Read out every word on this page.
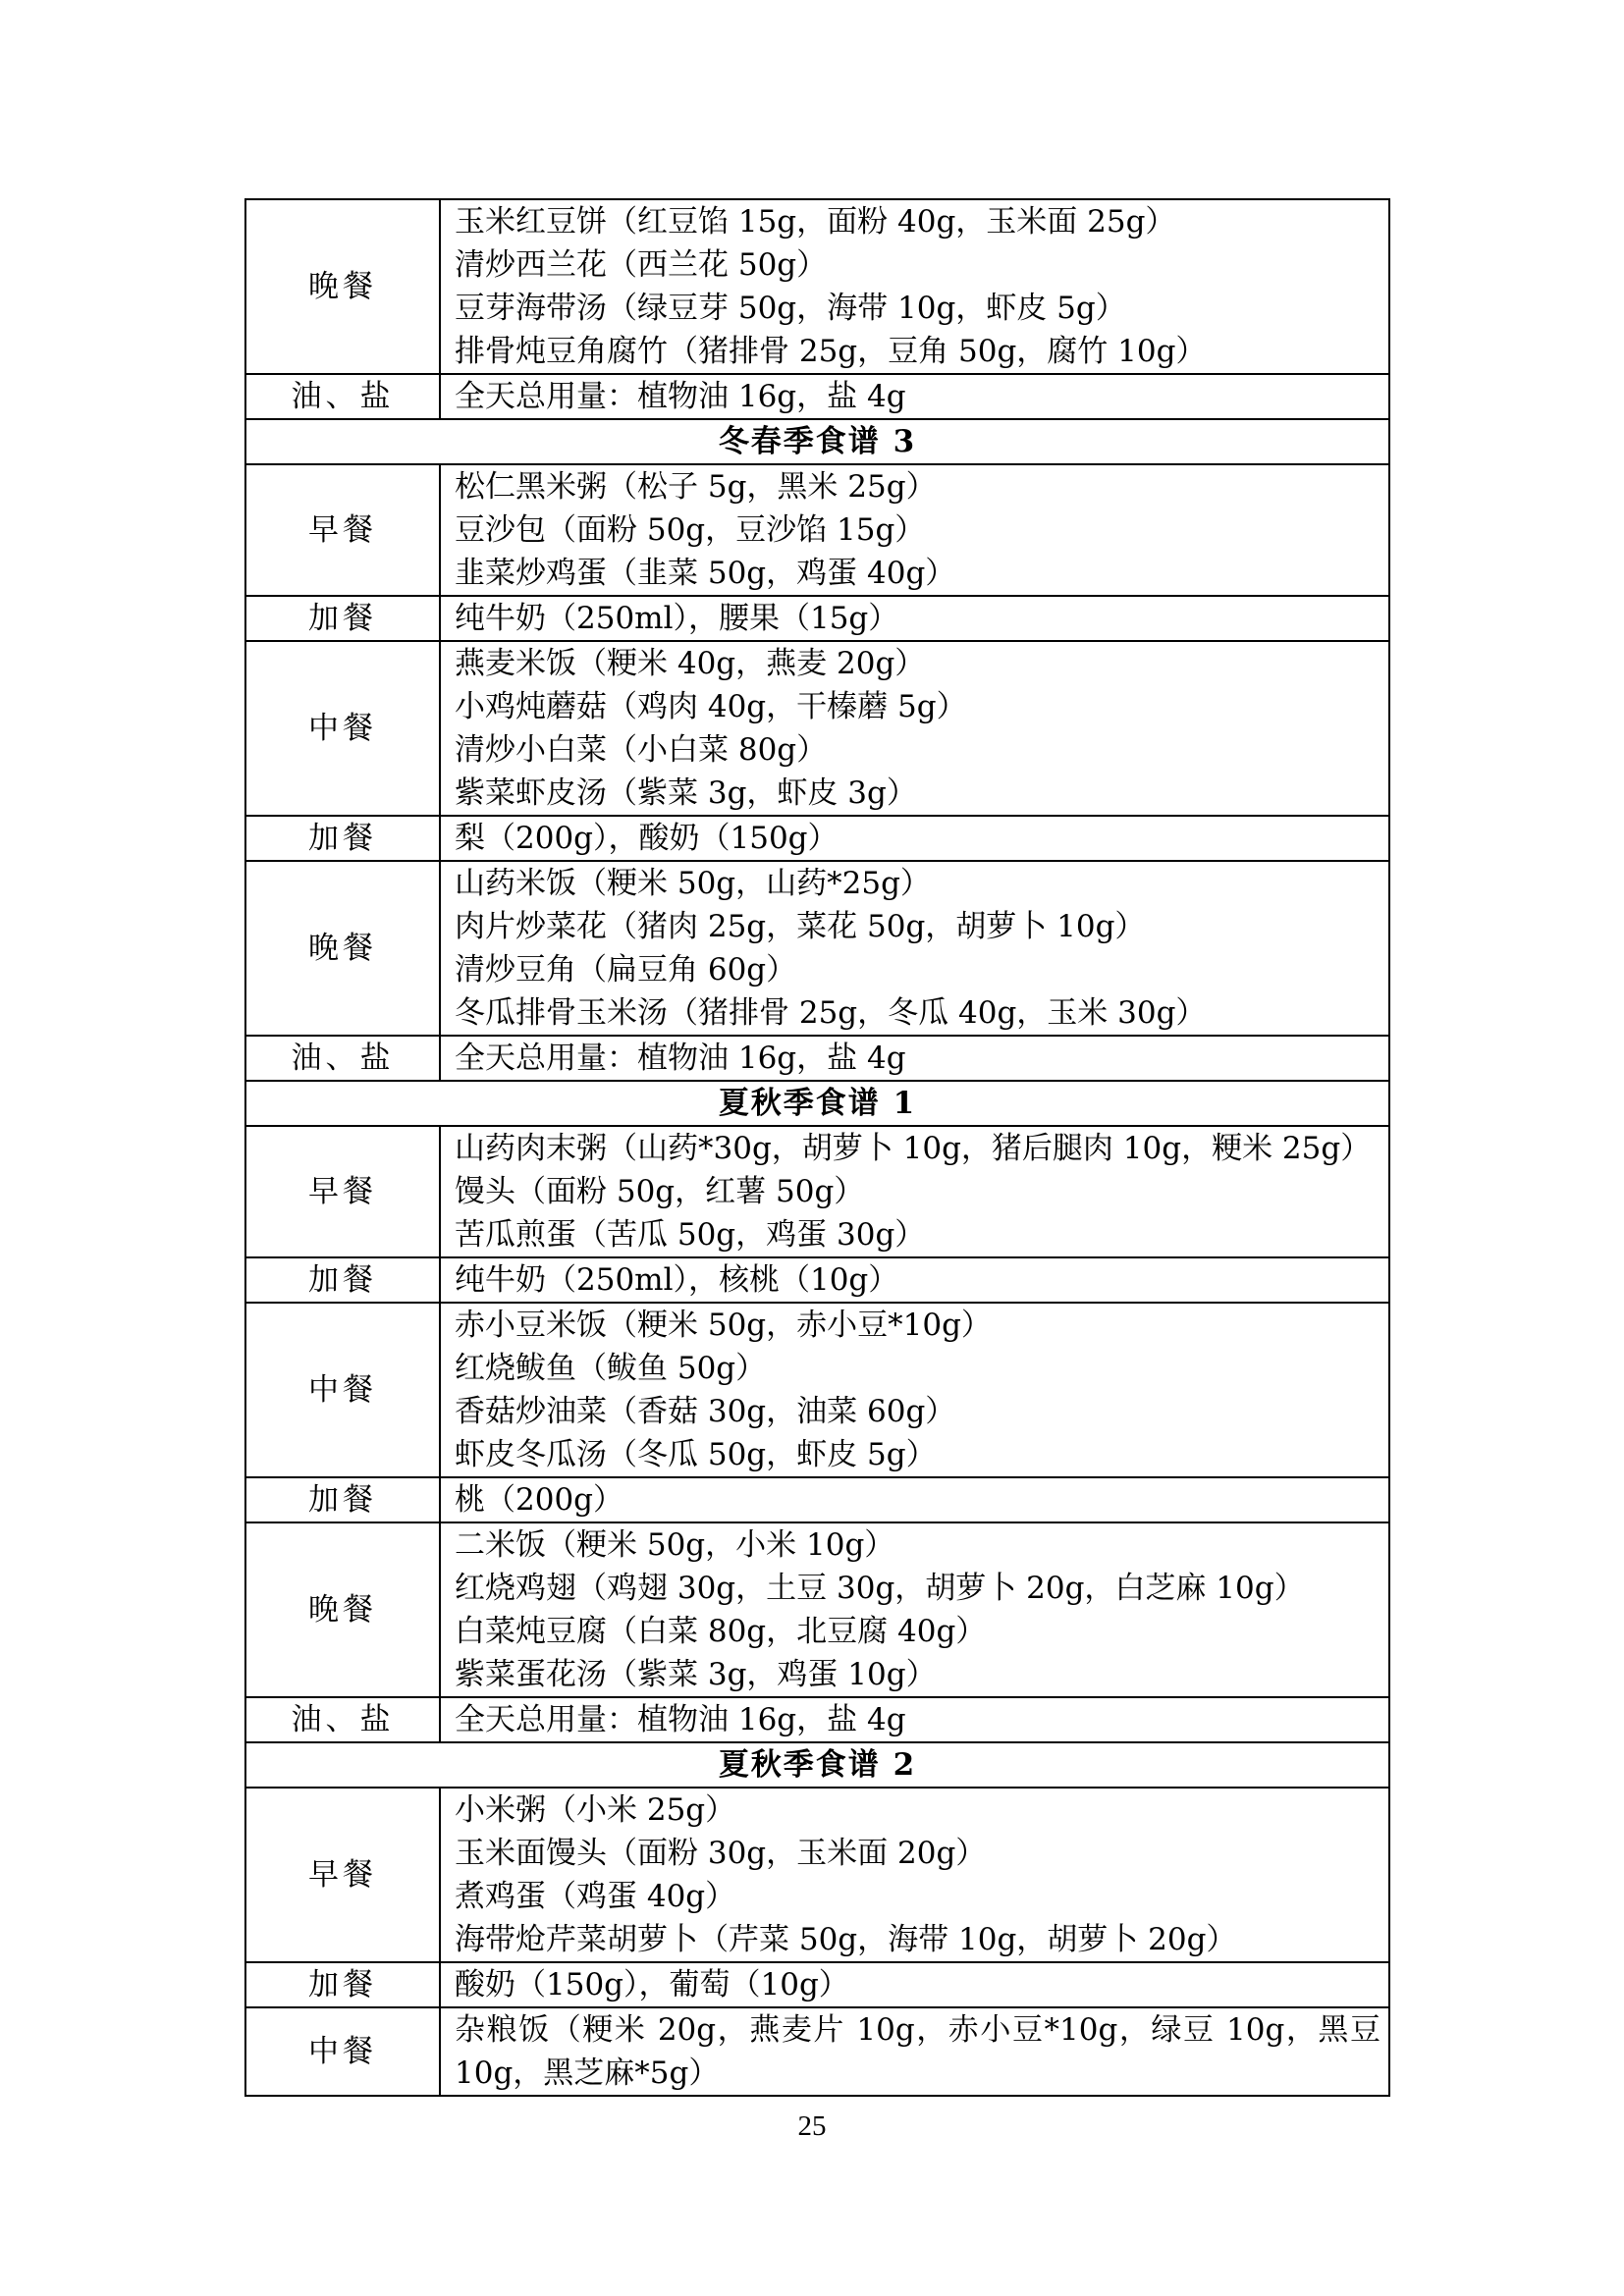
晚餐	玉米红豆饼（红豆馅 15g，面粉 40g，玉米面 25g）
清炒西兰花（西兰花 50g）
豆芽海带汤（绿豆芽 50g，海带 10g，虾皮 5g）
排骨炖豆角腐竹（猪排骨 25g，豆角 50g，腐竹 10g）

油、盐	全天总用量：植物油 16g，盐 4g

冬春季食谱 3	
早餐	松仁黑米粥（松子 5g，黑米 25g）
豆沙包（面粉 50g，豆沙馅 15g）
韭菜炒鸡蛋（韭菜 50g，鸡蛋 40g）

加餐	纯牛奶（250ml），腰果（15g）

中餐	燕麦米饭（粳米 40g，燕麦 20g）
小鸡炖蘑菇（鸡肉 40g，干榛蘑 5g）
清炒小白菜（小白菜 80g）
紫菜虾皮汤（紫菜 3g，虾皮 3g）

加餐	梨（200g），酸奶（150g）

晚餐	山药米饭（粳米 50g，山药*25g）
肉片炒菜花（猪肉 25g，菜花 50g，胡萝卜 10g）
清炒豆角（扁豆角 60g）
冬瓜排骨玉米汤（猪排骨 25g，冬瓜 40g，玉米 30g）

油、盐	全天总用量：植物油 16g，盐 4g

夏秋季食谱 1	
早餐	山药肉末粥（山药*30g，胡萝卜 10g，猪后腿肉 10g，粳米 25g）
馒头（面粉 50g，红薯 50g）
苦瓜煎蛋（苦瓜 50g，鸡蛋 30g）

加餐	纯牛奶（250ml），核桃（10g）

中餐	赤小豆米饭（粳米 50g，赤小豆*10g）
红烧鲅鱼（鲅鱼 50g）
香菇炒油菜（香菇 30g，油菜 60g）
虾皮冬瓜汤（冬瓜 50g，虾皮 5g）

加餐	桃（200g）

晚餐	二米饭（粳米 50g，小米 10g）
红烧鸡翅（鸡翅 30g，土豆 30g，胡萝卜 20g，白芝麻 10g）
白菜炖豆腐（白菜 80g，北豆腐 40g）
紫菜蛋花汤（紫菜 3g，鸡蛋 10g）

油、盐	全天总用量：植物油 16g，盐 4g

夏秋季食谱 2	
早餐	小米粥（小米 25g）
玉米面馒头（面粉 30g，玉米面 20g）
煮鸡蛋（鸡蛋 40g）
海带炝芹菜胡萝卜（芹菜 50g，海带 10g，胡萝卜 20g）

加餐	酸奶（150g），葡萄（10g）

中餐	杂粮饭（粳米 20g，燕麦片 10g，赤小豆*10g，绿豆 10g，黑豆 10g，黑芝麻*5g）
25
